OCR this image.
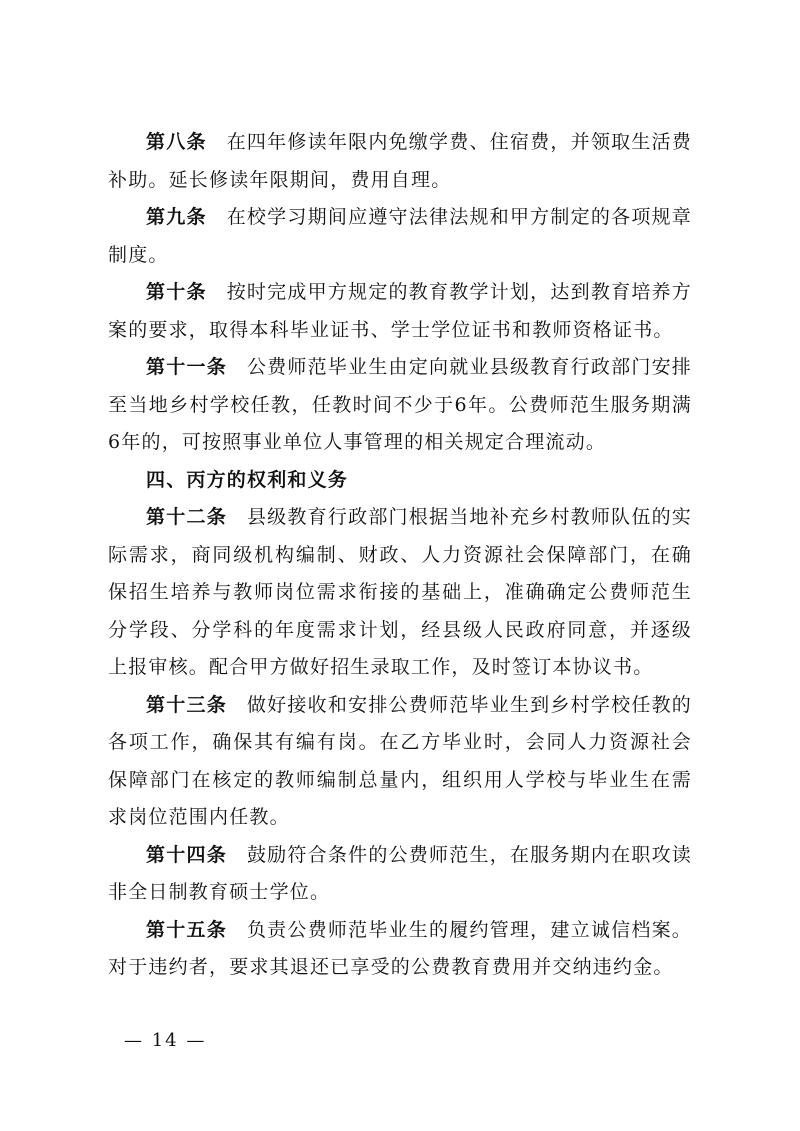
第八条 在四年修读年限内免缴学费、住宿费，并领取生活费补助。延长修读年限期间，费用自理。

第九条 在校学习期间应遵守法律法规和甲方制定的各项规章制度。

第十条 按时完成甲方规定的教育教学计划，达到教育培养方案的要求，取得本科毕业证书、学士学位证书和教师资格证书。

第十一条 公费师范毕业生由定向就业县级教育行政部门安排至当地乡村学校任教，任教时间不少于6年。公费师范生服务期满6年的，可按照事业单位人事管理的相关规定合理流动。

四、丙方的权利和义务

第十二条 县级教育行政部门根据当地补充乡村教师队伍的实际需求，商同级机构编制、财政、人力资源社会保障部门，在确保招生培养与教师岗位需求衔接的基础上，准确确定公费师范生分学段、分学科的年度需求计划，经县级人民政府同意，并逐级上报审核。配合甲方做好招生录取工作，及时签订本协议书。

第十三条 做好接收和安排公费师范毕业生到乡村学校任教的各项工作，确保其有编有岗。在乙方毕业时，会同人力资源社会保障部门在核定的教师编制总量内，组织用人学校与毕业生在需求岗位范围内任教。

第十四条 鼓励符合条件的公费师范生，在服务期内在职攻读非全日制教育硕士学位。

第十五条 负责公费师范毕业生的履约管理，建立诚信档案。对于违约者，要求其退还已享受的公费教育费用并交纳违约金。

— 14 —
